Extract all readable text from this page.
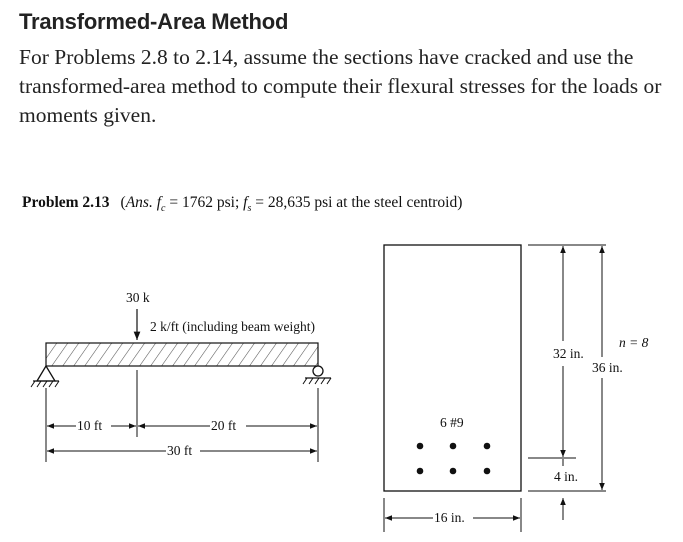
Transformed-Area Method

For Problems 2.8 to 2.14, assume the sections have cracked and use the transformed-area method to compute their flexural stresses for the loads or moments given.

Problem 2.13 (Ans. $f_c = 1762$ psi; $f_s = 28,635$ psi at the steel centroid)
30 k
2 k/ft (including beam weight)
10 ft	20 ft
30 ft
6 #9
32 in.
36 in.
n = 8
4 in.
16 in.
